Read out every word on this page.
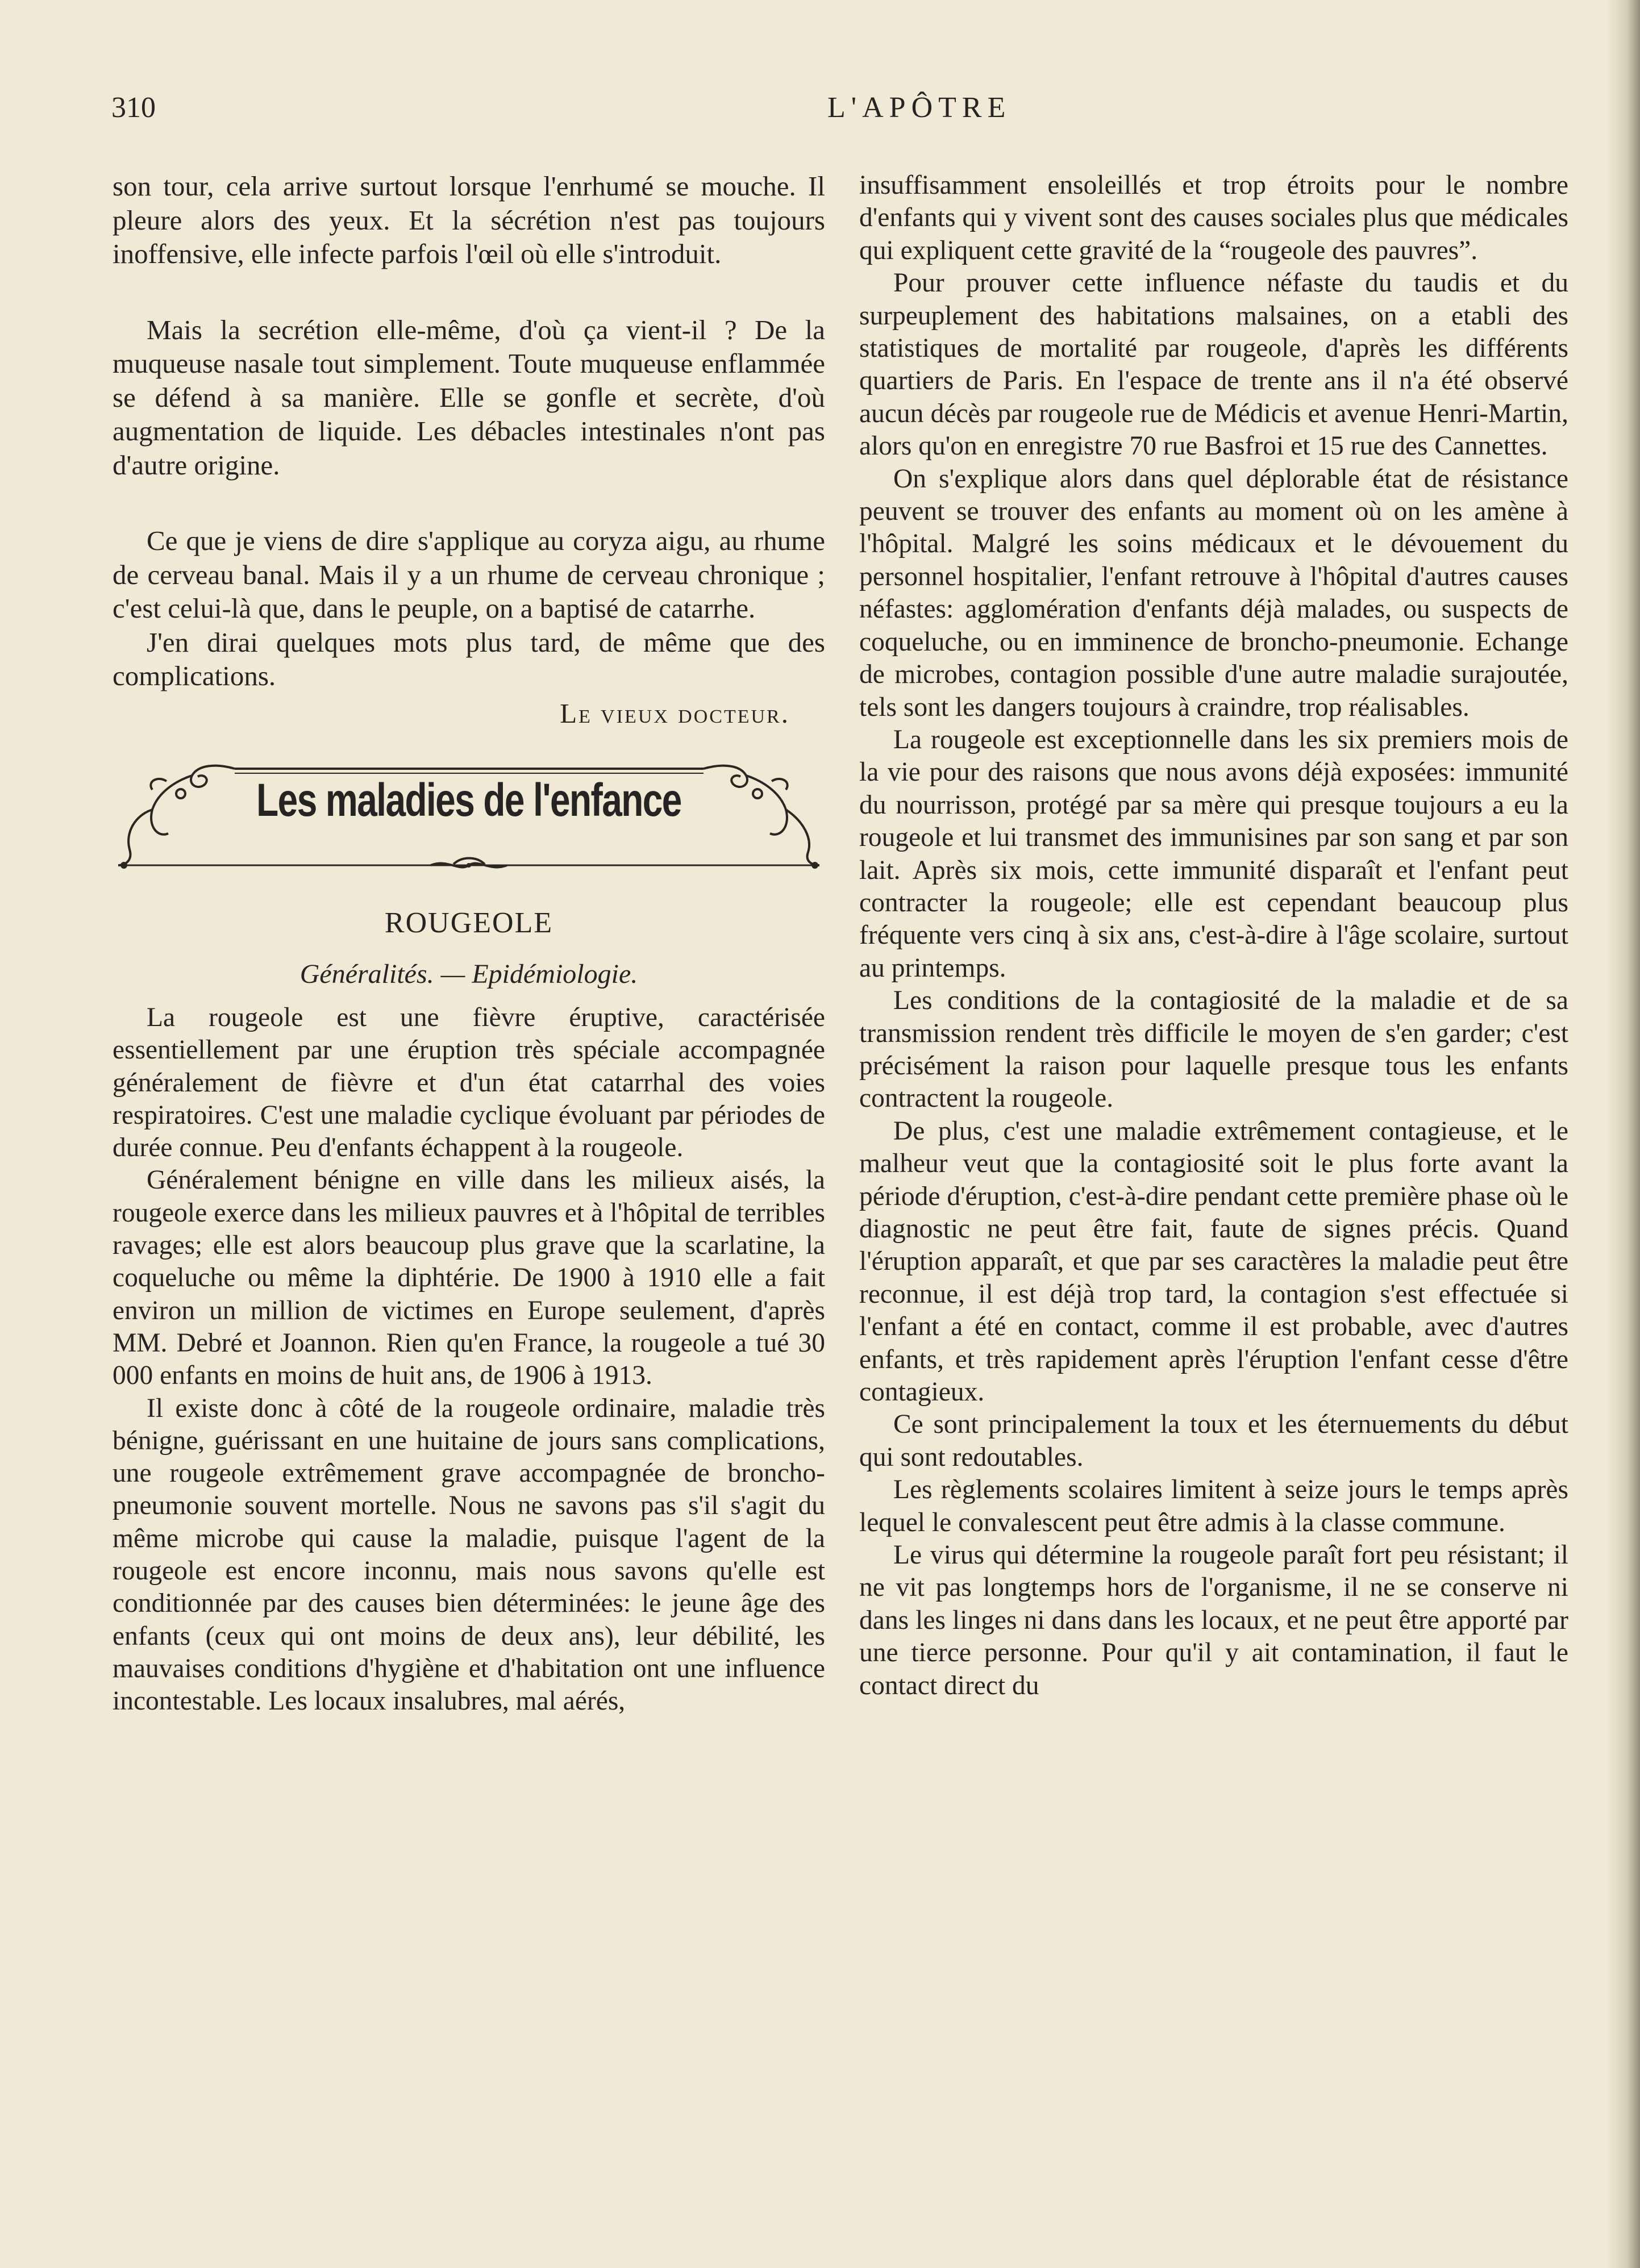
310	L'APÔTRE

son tour, cela arrive surtout lorsque l'enrhumé se mouche. Il pleure alors des yeux. Et la sécrétion n'est pas toujours inoffensive, elle infecte parfois l'œil où elle s'introduit.

Mais la secrétion elle-même, d'où ça vient-il ? De la muqueuse nasale tout simplement. Toute muqueuse enflammée se défend à sa manière. Elle se gonfle et secrète, d'où augmentation de liquide. Les débacles intestinales n'ont pas d'autre origine.

Ce que je viens de dire s'applique au coryza aigu, au rhume de cerveau banal. Mais il y a un rhume de cerveau chronique ; c'est celui-là que, dans le peuple, on a baptisé de catarrhe.

J'en dirai quelques mots plus tard, de même que des complications.

Le vieux docteur.

Les maladies de l'enfance
ROUGEOLE
Généralités. — Epidémiologie.

La rougeole est une fièvre éruptive, caractérisée essentiellement par une éruption très spéciale accompagnée généralement de fièvre et d'un état catarrhal des voies respiratoires. C'est une maladie cyclique évoluant par périodes de durée connue. Peu d'enfants échappent à la rougeole.

Généralement bénigne en ville dans les milieux aisés, la rougeole exerce dans les milieux pauvres et à l'hôpital de terribles ravages; elle est alors beaucoup plus grave que la scarlatine, la coqueluche ou même la diphtérie. De 1900 à 1910 elle a fait environ un million de victimes en Europe seulement, d'après MM. Debré et Joannon. Rien qu'en France, la rougeole a tué 30 000 enfants en moins de huit ans, de 1906 à 1913.

Il existe donc à côté de la rougeole ordinaire, maladie très bénigne, guérissant en une huitaine de jours sans complications, une rougeole extrêmement grave accompagnée de broncho-pneumonie souvent mortelle. Nous ne savons pas s'il s'agit du même microbe qui cause la maladie, puisque l'agent de la rougeole est encore inconnu, mais nous savons qu'elle est conditionnée par des causes bien déterminées: le jeune âge des enfants (ceux qui ont moins de deux ans), leur débilité, les mauvaises conditions d'hygiène et d'habitation ont une influence incontestable. Les locaux insalubres, mal aérés,

insuffisamment ensoleillés et trop étroits pour le nombre d'enfants qui y vivent sont des causes sociales plus que médicales qui expliquent cette gravité de la “rougeole des pauvres”.

Pour prouver cette influence néfaste du taudis et du surpeuplement des habitations malsaines, on a etabli des statistiques de mortalité par rougeole, d'après les différents quartiers de Paris. En l'espace de trente ans il n'a été observé aucun décès par rougeole rue de Médicis et avenue Henri-Martin, alors qu'on en enregistre 70 rue Basfroi et 15 rue des Cannettes.

On s'explique alors dans quel déplorable état de résistance peuvent se trouver des enfants au moment où on les amène à l'hôpital. Malgré les soins médicaux et le dévouement du personnel hospitalier, l'enfant retrouve à l'hôpital d'autres causes néfastes: agglomération d'enfants déjà malades, ou suspects de coqueluche, ou en imminence de broncho-pneumonie. Echange de microbes, contagion possible d'une autre maladie surajoutée, tels sont les dangers toujours à craindre, trop réalisables.

La rougeole est exceptionnelle dans les six premiers mois de la vie pour des raisons que nous avons déjà exposées: immunité du nourrisson, protégé par sa mère qui presque toujours a eu la rougeole et lui transmet des immunisines par son sang et par son lait. Après six mois, cette immunité disparaît et l'enfant peut contracter la rougeole; elle est cependant beaucoup plus fréquente vers cinq à six ans, c'est-à-dire à l'âge scolaire, surtout au printemps.

Les conditions de la contagiosité de la maladie et de sa transmission rendent très difficile le moyen de s'en garder; c'est précisément la raison pour laquelle presque tous les enfants contractent la rougeole.

De plus, c'est une maladie extrêmement contagieuse, et le malheur veut que la contagiosité soit le plus forte avant la période d'éruption, c'est-à-dire pendant cette première phase où le diagnostic ne peut être fait, faute de signes précis. Quand l'éruption apparaît, et que par ses caractères la maladie peut être reconnue, il est déjà trop tard, la contagion s'est effectuée si l'enfant a été en contact, comme il est probable, avec d'autres enfants, et très rapidement après l'éruption l'enfant cesse d'être contagieux.

Ce sont principalement la toux et les éternuements du début qui sont redoutables.

Les règlements scolaires limitent à seize jours le temps après lequel le convalescent peut être admis à la classe commune.

Le virus qui détermine la rougeole paraît fort peu résistant; il ne vit pas longtemps hors de l'organisme, il ne se conserve ni dans les linges ni dans dans les locaux, et ne peut être apporté par une tierce personne. Pour qu'il y ait contamination, il faut le contact direct du
